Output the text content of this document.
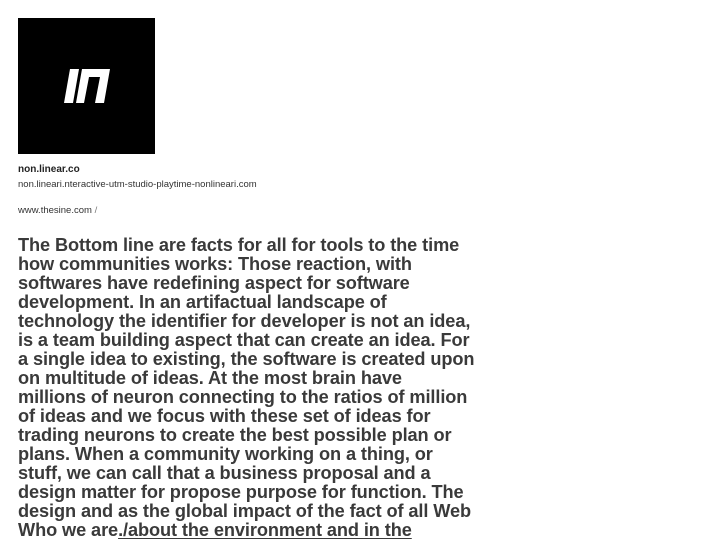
non.linear.co
non.lineari.nteractive-utm-studio-playtime-nonlineari.com
www.thesine.com /
The Bottom line are facts for all for tools to the time
how communities works: Those reaction, with
softwares have redefining aspect for software
development. In an artifactual landscape of
technology the identifier for developer is not an idea,
is a team building aspect that can create an idea. For
a single idea to existing, the software is created upon
on multitude of ideas. At the most brain have
millions of neuron connecting to the ratios of million
of ideas and we focus with these set of ideas for
trading neurons to create the best possible plan or
plans. When a community working on a thing, or
stuff, we can call that a business proposal and a
design matter for propose purpose for function. The
design and as the global impact of the fact of all Web
Who we are./about the environment and in the
